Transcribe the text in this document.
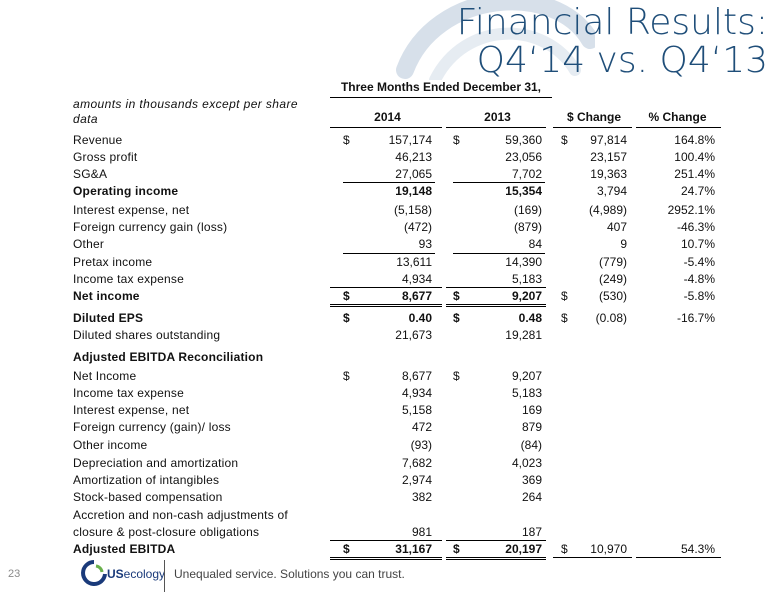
Financial Results:
Q4‘14 vs. Q4‘13
Three Months Ended December 31,
amounts in thousands except per share data	2014	2013	$ Change	% Change
Revenue	$	157,174 $	59,360 $	97,814	164.8%
Gross profit	46,213	23,056	23,157	100.4%
SG&A	27,065	7,702	19,363	251.4%
Operating income	19,148	15,354	3,794	24.7%
Interest expense, net	(5,158)	(169)	(4,989)	2952.1%
Foreign currency gain (loss)	(472)	(879)	407	-46.3%
Other	93	84	9	10.7%
Pretax income	13,611	14,390	(779)	-5.4%
Income tax expense	4,934	5,183	(249)	-4.8%
Net income	$	8,677 $	9,207 $	(530)	-5.8%
Diluted EPS	$	0.40 $	0.48 $	(0.08)	-16.7%
Diluted shares outstanding	21,673	19,281
Adjusted EBITDA Reconciliation
Net Income	$	8,677 $	9,207
Income tax expense	4,934	5,183
Interest expense, net	5,158	169
Foreign currency (gain)/ loss	472	879
Other income	(93)	(84)
Depreciation and amortization	7,682	4,023
Amortization of intangibles	2,974	369
Stock-based compensation	382	264
Accretion and non-cash adjustments of
closure & post-closure obligations	981	187
Adjusted EBITDA	$	31,167 $	20,197 $	10,970	54.3%
23	USecology Unequaled service. Solutions you can trust.
